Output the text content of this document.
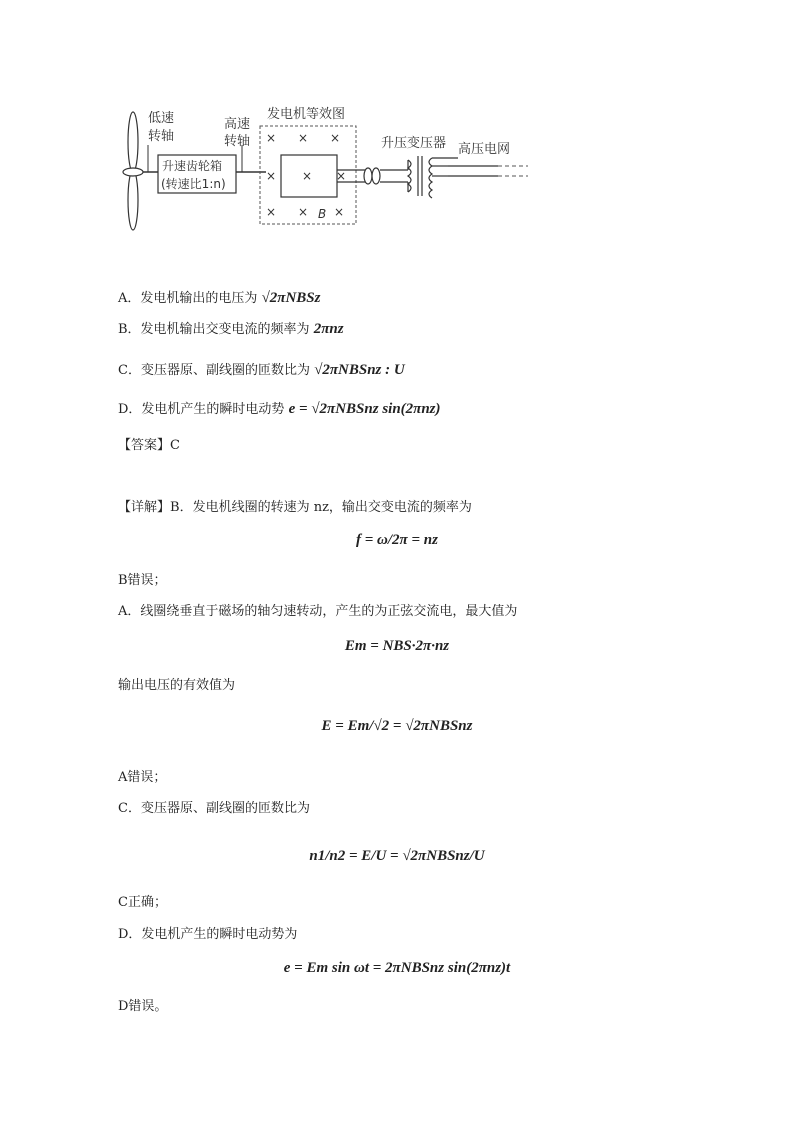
低速
转轴
升速齿轮箱
(转速比1:n)
高速
转轴
发电机等效图
× × ×
× × ×
× × ×
B
升压变压器 高压电网
A．发电机输出的电压为 √2πNBSz
B．发电机输出交变电流的频率为 2πnz
C．变压器原、副线圈的匝数比为 √2πNBSnz : U
D．发电机产生的瞬时电动势 e = √2πNBSnz sin(2πnz)
【答案】C
【详解】B．发电机线圈的转速为 nz，输出交变电流的频率为
f = ω/2π = nz
B错误；
A．线圈绕垂直于磁场的轴匀速转动，产生的为正弦交流电，最大值为
Em = NBS·2π·nz
输出电压的有效值为
E = Em/√2 = √2πNBSnz
A错误；
C．变压器原、副线圈的匝数比为
n1/n2 = E/U = √2πNBSnz/U
C正确；
D．发电机产生的瞬时电动势为
e = Em sin ωt = 2πNBSnz sin(2πnz)t
D错误。
